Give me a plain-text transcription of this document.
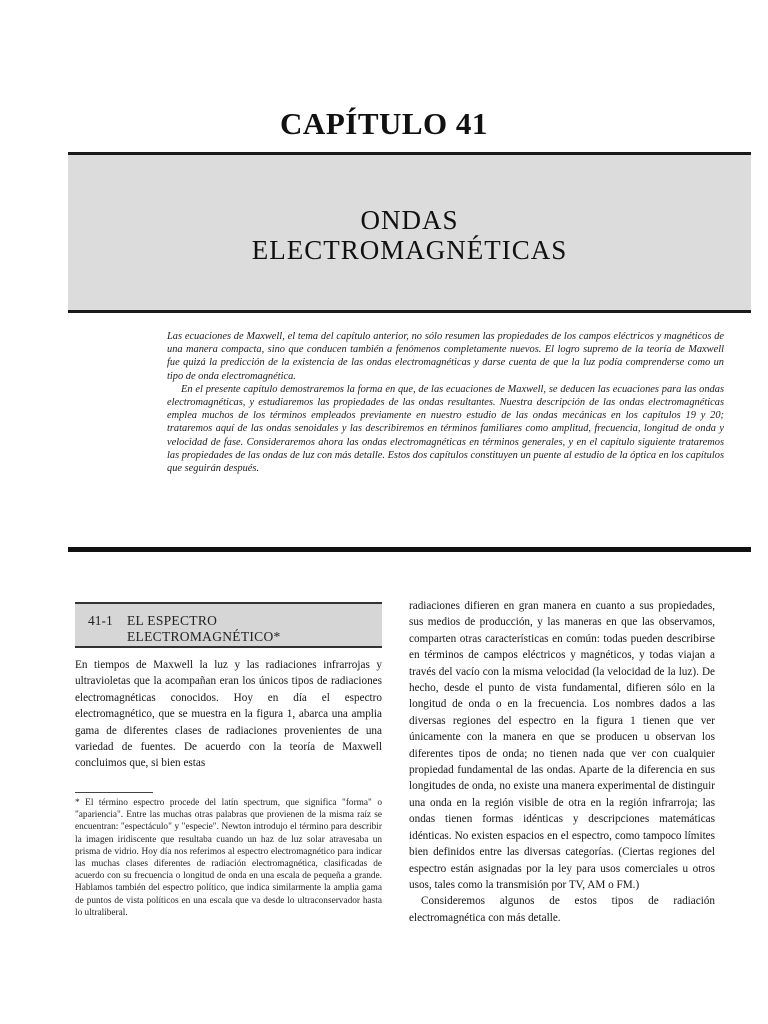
CAPÍTULO 41
ONDAS
ELECTROMAGNÉTICAS

Las ecuaciones de Maxwell, el tema del capítulo anterior, no sólo resumen las propiedades de los campos eléctricos y magnéticos de una manera compacta, sino que conducen también a fenómenos completamente nuevos. El logro supremo de la teoría de Maxwell fue quizá la predicción de la existencia de las ondas electromagnéticas y darse cuenta de que la luz podía comprenderse como un tipo de onda electromagnética.

En el presente capítulo demostraremos la forma en que, de las ecuaciones de Maxwell, se deducen las ecuaciones para las ondas electromagnéticas, y estudiaremos las propiedades de las ondas resultantes. Nuestra descripción de las ondas electromagnéticas emplea muchos de los términos empleados previamente en nuestro estudio de las ondas mecánicas en los capítulos 19 y 20; trataremos aquí de las ondas senoidales y las describiremos en términos familiares como amplitud, frecuencia, longitud de onda y velocidad de fase. Consideraremos ahora las ondas electromagnéticas en términos generales, y en el capítulo siguiente trataremos las propiedades de las ondas de luz con más detalle. Estos dos capítulos constituyen un puente al estudio de la óptica en los capítulos que seguirán después.

41-1 EL ESPECTRO
ELECTROMAGNÉTICO*

En tiempos de Maxwell la luz y las radiaciones infrarrojas y ultravioletas que la acompañan eran los únicos tipos de radiaciones electromagnéticas conocidos. Hoy en día el espectro electromagnético, que se muestra en la figura 1, abarca una amplia gama de diferentes clases de radiaciones provenientes de una variedad de fuentes. De acuerdo con la teoría de Maxwell concluimos que, si bien estas

* El término espectro procede del latín spectrum, que significa "forma" o "apariencia". Entre las muchas otras palabras que provienen de la misma raíz se encuentran: "espectáculo" y "especie". Newton introdujo el término para describir la imagen iridiscente que resultaba cuando un haz de luz solar atravesaba un prisma de vidrio. Hoy día nos referimos al espectro electromagnético para indicar las muchas clases diferentes de radiación electromagnética, clasificadas de acuerdo con su frecuencia o longitud de onda en una escala de pequeña a grande. Hablamos también del espectro político, que indica similarmente la amplia gama de puntos de vista políticos en una escala que va desde lo ultraconservador hasta lo ultraliberal.

radiaciones difieren en gran manera en cuanto a sus propiedades, sus medios de producción, y las maneras en que las observamos, comparten otras características en común: todas pueden describirse en términos de campos eléctricos y magnéticos, y todas viajan a través del vacío con la misma velocidad (la velocidad de la luz). De hecho, desde el punto de vista fundamental, difieren sólo en la longitud de onda o en la frecuencia. Los nombres dados a las diversas regiones del espectro en la figura 1 tienen que ver únicamente con la manera en que se producen u observan los diferentes tipos de onda; no tienen nada que ver con cualquier propiedad fundamental de las ondas. Aparte de la diferencia en sus longitudes de onda, no existe una manera experimental de distinguir una onda en la región visible de otra en la región infrarroja; las ondas tienen formas idénticas y descripciones matemáticas idénticas. No existen espacios en el espectro, como tampoco límites bien definidos entre las diversas categorías. (Ciertas regiones del espectro están asignadas por la ley para usos comerciales u otros usos, tales como la transmisión por TV, AM o FM.)

Consideremos algunos de estos tipos de radiación electromagnética con más detalle.
